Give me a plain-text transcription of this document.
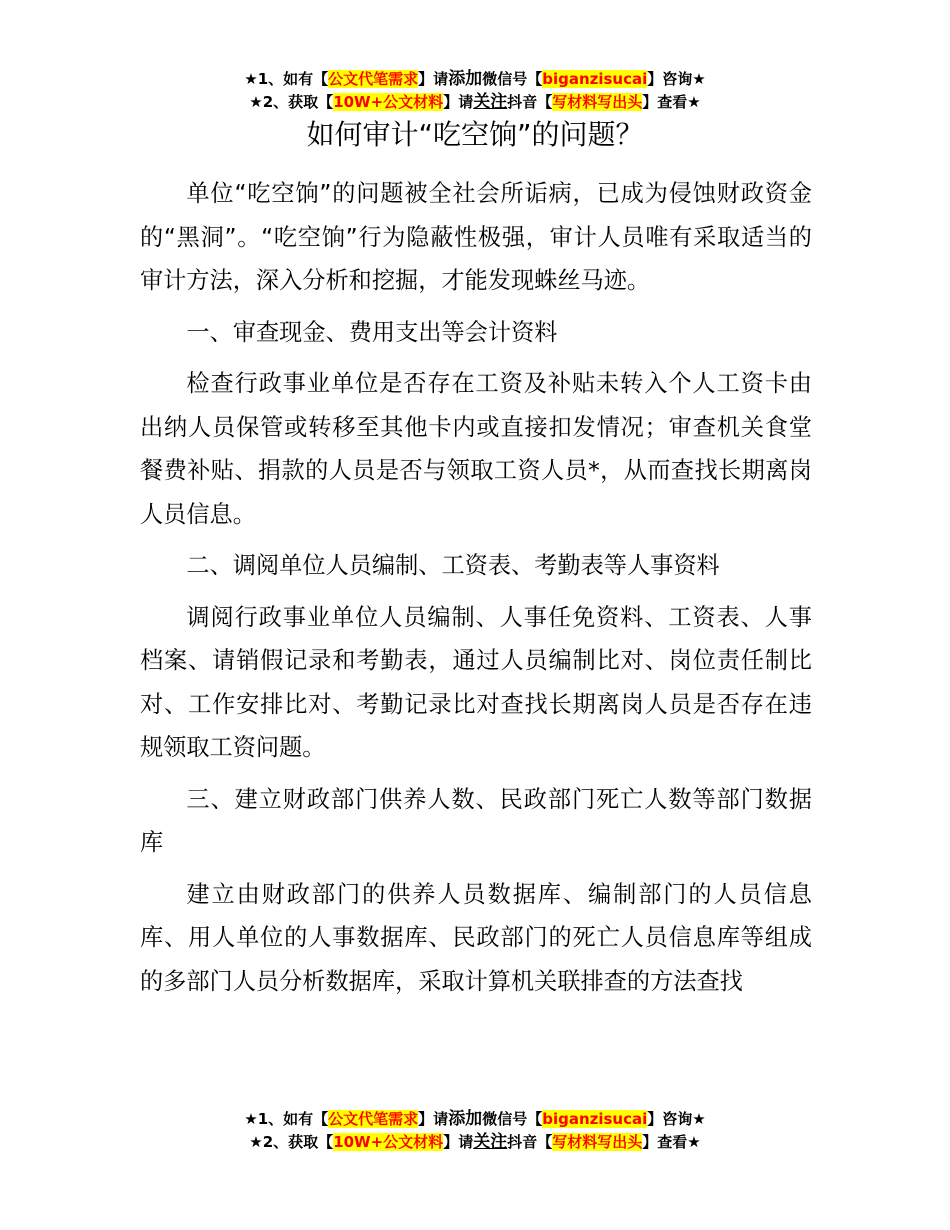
★1、如有【公文代笔需求】请添加微信号【biganzisucai】咨询★
★2、获取【10W+公文材料】请关注抖音【写材料写出头】查看★
如何审计“吃空饷”的问题？

单位“吃空饷”的问题被全社会所诟病，已成为侵蚀财政资金的“黑洞”。“吃空饷”行为隐蔽性极强，审计人员唯有采取适当的审计方法，深入分析和挖掘，才能发现蛛丝马迹。

一、审查现金、费用支出等会计资料

检查行政事业单位是否存在工资及补贴未转入个人工资卡由出纳人员保管或转移至其他卡内或直接扣发情况；审查机关食堂餐费补贴、捐款的人员是否与领取工资人员*，从而查找长期离岗人员信息。

二、调阅单位人员编制、工资表、考勤表等人事资料

调阅行政事业单位人员编制、人事任免资料、工资表、人事档案、请销假记录和考勤表，通过人员编制比对、岗位责任制比对、工作安排比对、考勤记录比对查找长期离岗人员是否存在违规领取工资问题。

三、建立财政部门供养人数、民政部门死亡人数等部门数据库

建立由财政部门的供养人员数据库、编制部门的人员信息库、用人单位的人事数据库、民政部门的死亡人员信息库等组成的多部门人员分析数据库，采取计算机关联排查的方法查找

★1、如有【公文代笔需求】请添加微信号【biganzisucai】咨询★
★2、获取【10W+公文材料】请关注抖音【写材料写出头】查看★
